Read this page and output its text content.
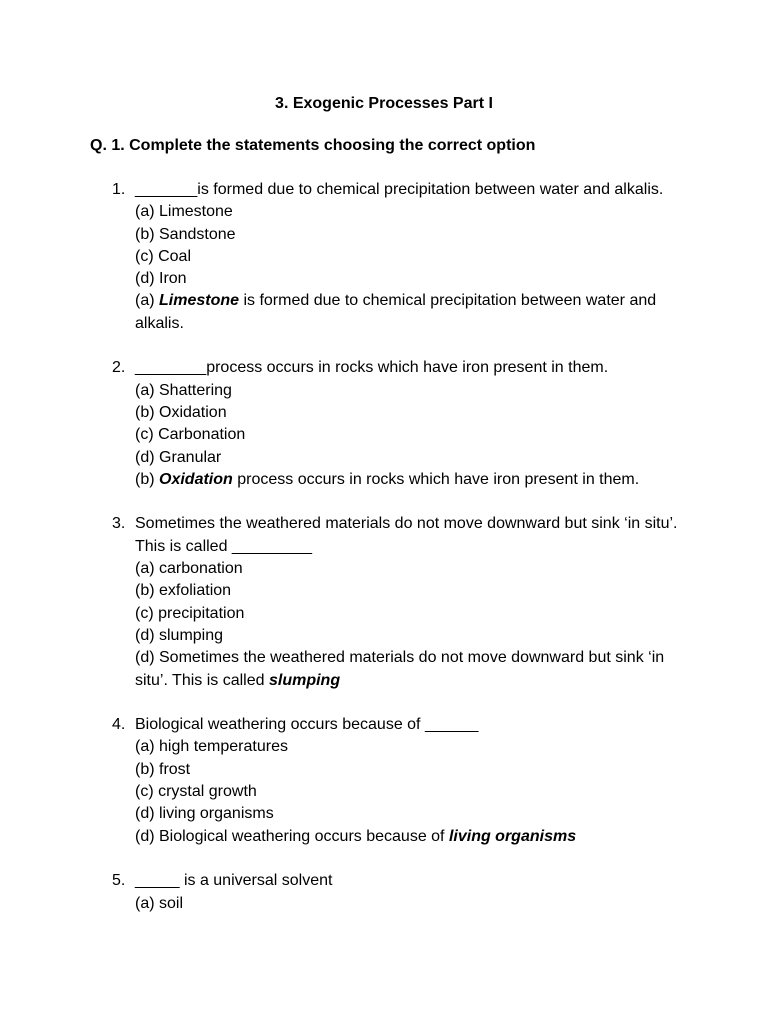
3. Exogenic Processes Part I
Q. 1. Complete the statements choosing the correct option
1. _______is formed due to chemical precipitation between water and alkalis.
(a) Limestone
(b) Sandstone
(c) Coal
(d) Iron
(a) Limestone is formed due to chemical precipitation between water and alkalis.
2. ________process occurs in rocks which have iron present in them.
(a) Shattering
(b) Oxidation
(c) Carbonation
(d) Granular
(b) Oxidation process occurs in rocks which have iron present in them.
3. Sometimes the weathered materials do not move downward but sink ‘in situ’. This is called _________
(a) carbonation
(b) exfoliation
(c) precipitation
(d) slumping
(d) Sometimes the weathered materials do not move downward but sink ‘in situ’. This is called slumping
4. Biological weathering occurs because of ______
(a) high temperatures
(b) frost
(c) crystal growth
(d) living organisms
(d) Biological weathering occurs because of living organisms
5. _____ is a universal solvent
(a) soil
